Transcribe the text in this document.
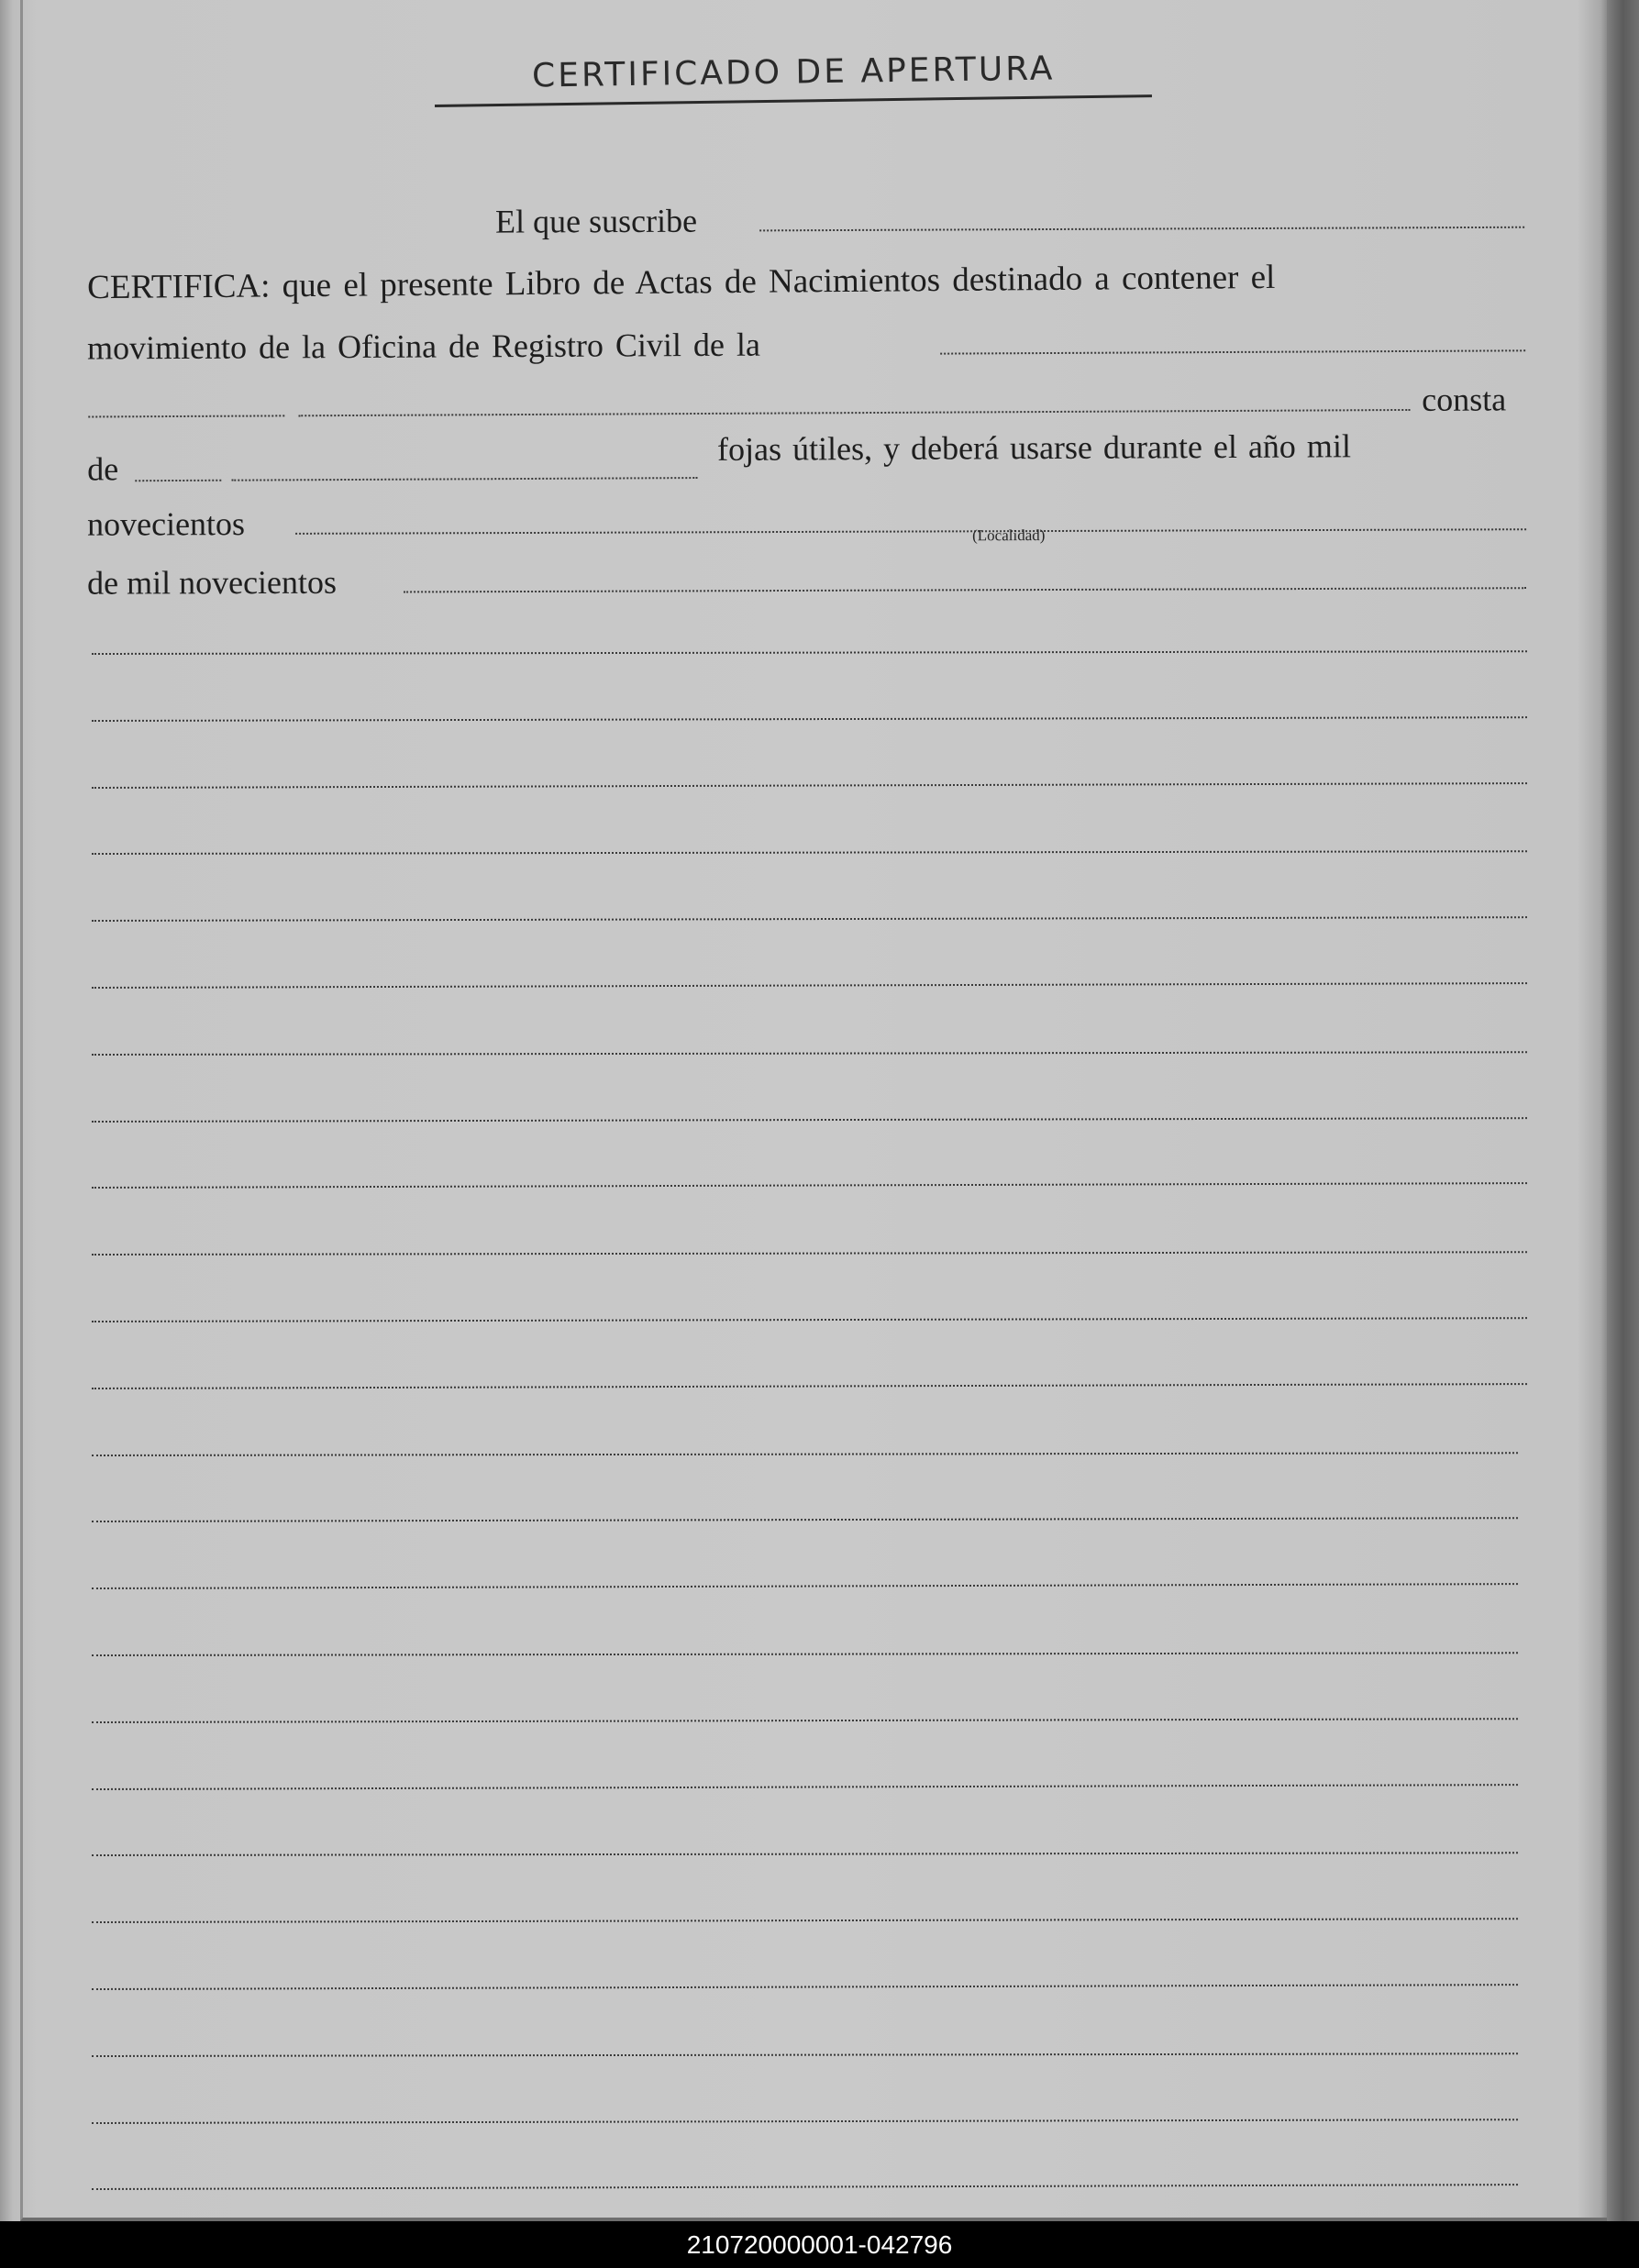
CERTIFICADO DE APERTURA
El que suscribe
CERTIFICA: que el presente Libro de Actas de Nacimientos destinado a contener el
movimiento de la Oficina de Registro Civil de la
consta
de
fojas útiles, y deberá usarse durante el año mil
novecientos	(Localidad)
de mil novecientos
210720000001-042796
